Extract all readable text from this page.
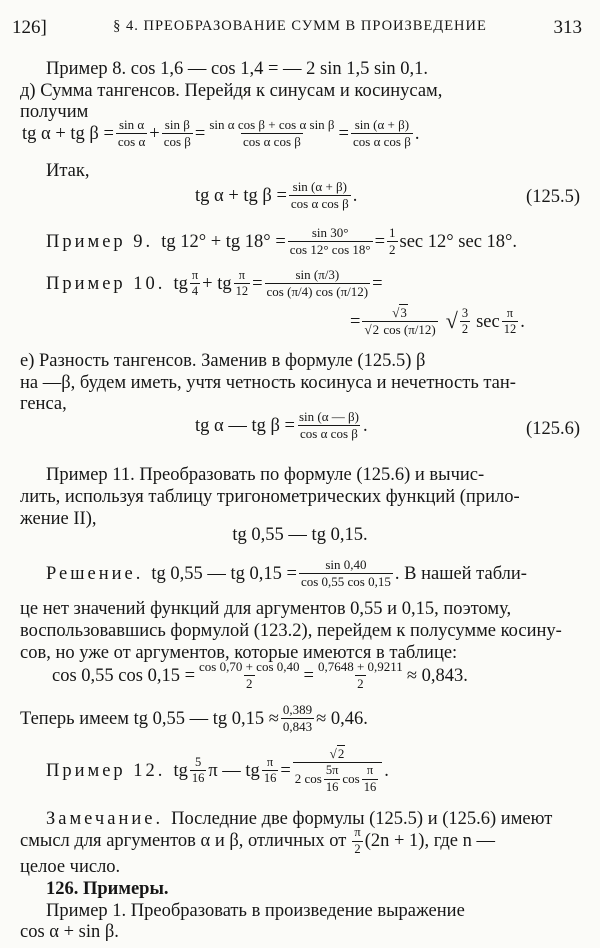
126]	§ 4. ПРЕОБРАЗОВАНИЕ СУММ В ПРОИЗВЕДЕНИЕ	313
Пример 8. cos 1,6 — cos 1,4 = — 2 sin 1,5 sin 0,1.
д) Сумма тангенсов. Перейдя к синусам и косинусам,
получим
tg α + tg $\beta = \frac{\text{sin α}}{\text{cos α}} + \frac{\text{sin β}}{\text{cos β}} = \frac{\text{sin α cos β + cos α sin β}}{\text{cos α cos β}} = \frac{\sin (\alpha + \beta)}{\text{cos α cos β}}$ .
Итак,
tg α + tg $\beta = \frac{\sin (\alpha + \beta)}{\text{cos α cos β}}$ .	(125.5)
Пример 9. tg 12° + tg $18^\circ = \frac{\sin 30^\circ}{\cos 12^\circ \cos 18^\circ} = \frac{1}{2}$ sec 12° sec 18°.
Пример 10. tg $\frac{\pi}{4}$ + tg $\frac{\pi}{12} = \frac{\sin (\pi/3)}{\cos (\pi/4) \cos (\pi/12)}$ =
= $\frac{√3}{√2 \cos (\pi/12)}$ √ $\frac{3}{2}$ $\sec \frac{\pi}{12}$ .
е) Разность тангенсов. Заменив в формуле (125.5) β
на —β, будем иметь, учтя четность косинуса и нечетность тан-
генса,
tg α — tg $\beta = \frac{\sin (\alpha — \beta)}{\text{cos α cos β}}$ .	(125.6)
Пример 11. Преобразовать по формуле (125.6) и вычис-
лить, используя таблицу тригонометрических функций (прило-
жение II),
tg 0,55 — tg 0,15.
Решение. tg 0,55 — tg $0,15 = \frac{\sin 0,40}{\cos 0,55 \cos 0,15}$ . В нашей табли-
це нет значений функций для аргументов 0,55 и 0,15, поэтому,
воспользовавшись формулой (123.2), перейдем к полусумме косину-
сов, но уже от аргументов, которые имеются в таблице:
cos 0,55 $\cos 0,15 = \frac{\cos 0,70 + \cos 0,40}{2} = \frac{0,7648 + 0,9211}{2} \approx 0,843$.
Теперь имеем tg 0,55 — tg $0,15 \approx \frac{0,389}{0,843} \approx 0,46$.
Пример 12. tg $\frac{5}{16}$ π — tg $\frac{\pi}{16} = \frac{√2}{2 \cos \frac{5\pi}{16} \cos \frac{\pi}{16}}$ .
Замечание. Последние две формулы (125.5) и (125.6) имеют
смысл для аргументов α и β, отличных от $\frac{\pi}{2} (2n + 1)$, где n —
целое число.
126. Примеры.
Пример 1. Преобразовать в произведение выражение
cos α + sin β.
